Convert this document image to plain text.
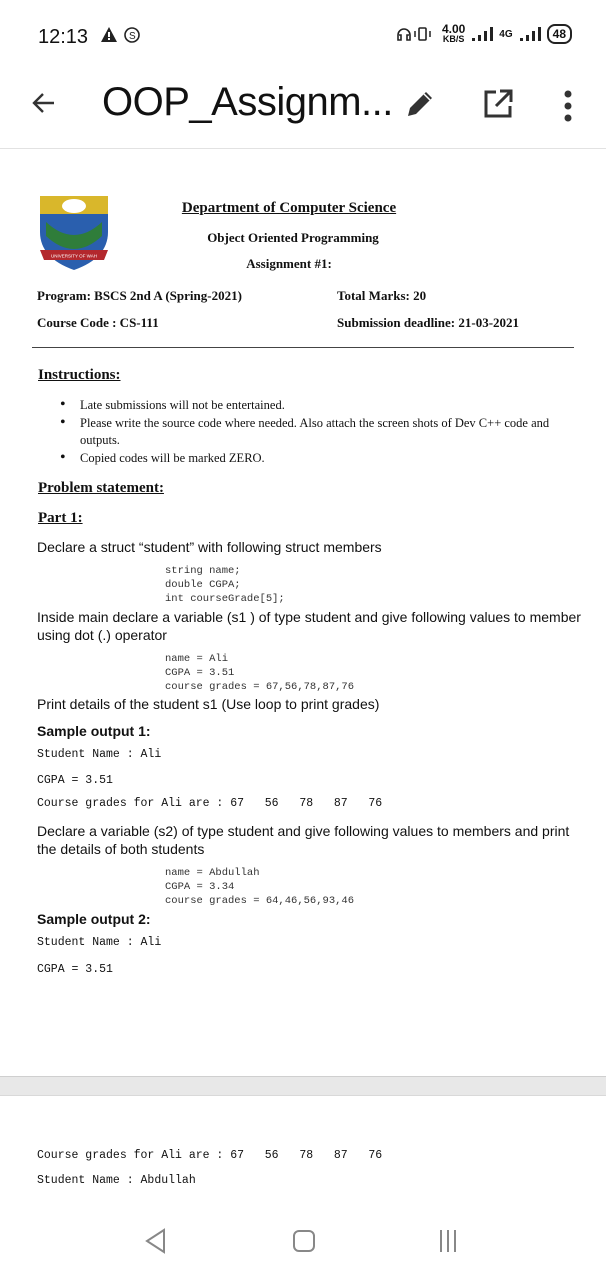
12:13	S
4.00
KB/S	4G	48
OOP_Assignm...
UNIVERSITY OF WAH
Department of Computer Science
Object Oriented Programming
Assignment #1:
Program: BSCS 2nd A (Spring-2021)	Total Marks: 20
Course Code : CS-111	Submission deadline: 21-03-2021
Instructions:
• Late submissions will not be entertained.
• Please write the source code where needed. Also attach the screen shots of Dev C++ code and outputs.
• Copied codes will be marked ZERO.
Problem statement:
Part 1:
Declare a struct “student” with following struct members
string name;
double CGPA;
int courseGrade[5];
Inside main declare a variable (s1 ) of type student and give following values to member using dot (.) operator
name = Ali
CGPA = 3.51
course grades = 67,56,78,87,76
Print details of the student s1 (Use loop to print grades)
Sample output 1:
Student Name : Ali
CGPA = 3.51
Course grades for Ali are : 67 56 78 87 76
Declare a variable (s2) of type student and give following values to members and print the details of both students
name = Abdullah
CGPA = 3.34
course grades = 64,46,56,93,46
Sample output 2:
Student Name : Ali
CGPA = 3.51
Course grades for Ali are : 67 56 78 87 76
Student Name : Abdullah
